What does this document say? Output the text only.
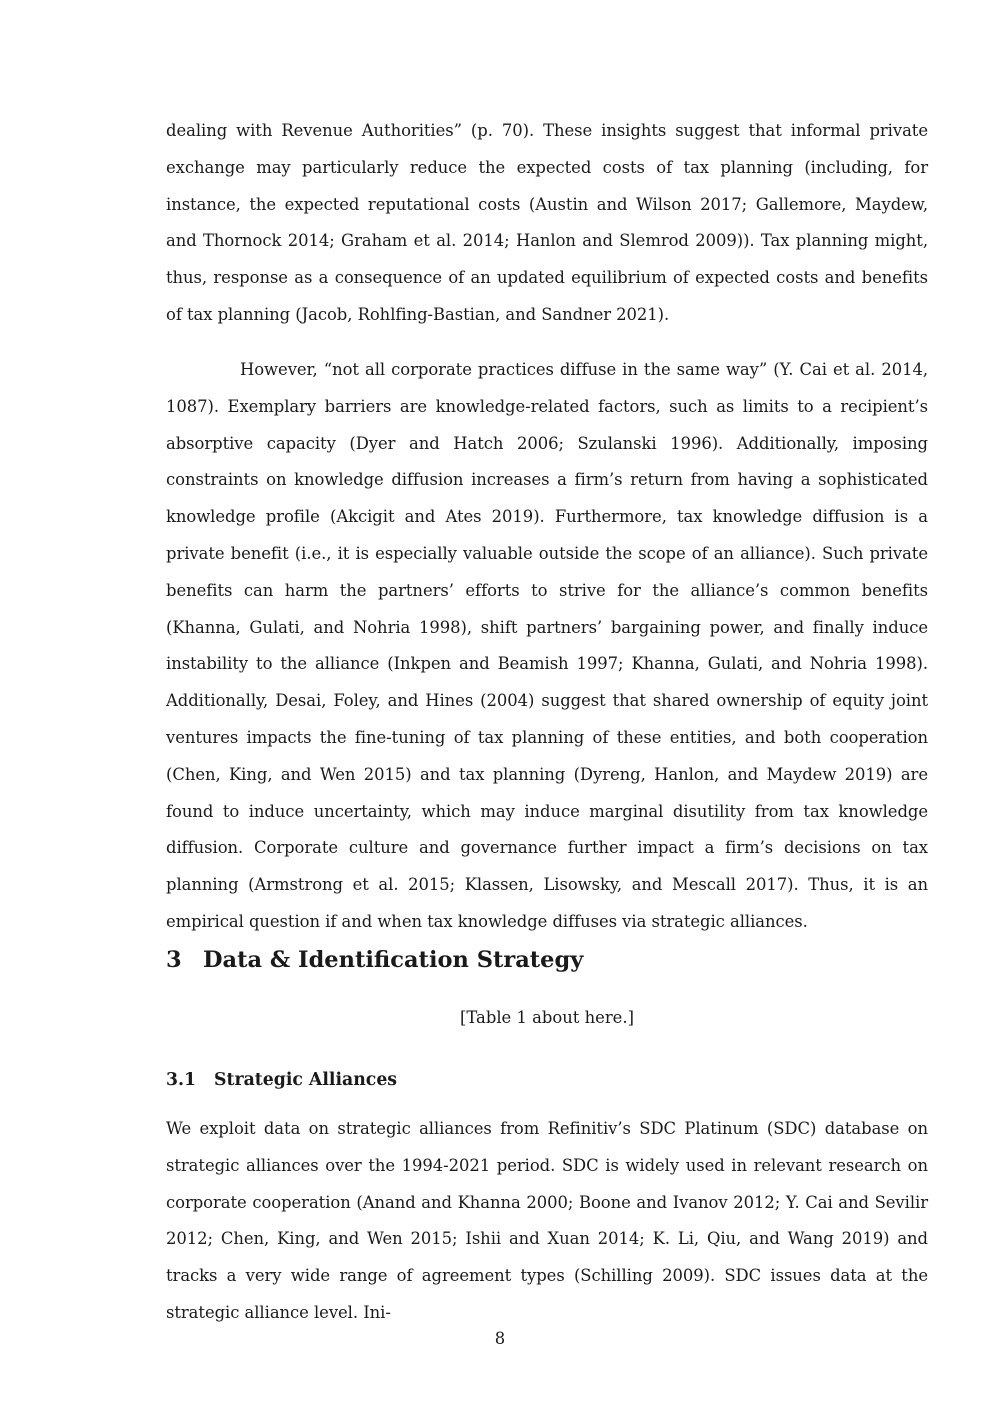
dealing with Revenue Authorities” (p. 70). These insights suggest that informal private exchange may particularly reduce the expected costs of tax planning (including, for instance, the expected reputational costs (Austin and Wilson 2017; Gallemore, Maydew, and Thornock 2014; Graham et al. 2014; Hanlon and Slemrod 2009)). Tax planning might, thus, response as a consequence of an updated equilibrium of expected costs and benefits of tax planning (Jacob, Rohlfing-Bastian, and Sandner 2021).

However, “not all corporate practices diffuse in the same way” (Y. Cai et al. 2014, 1087). Exemplary barriers are knowledge-related factors, such as limits to a recipient’s absorptive capacity (Dyer and Hatch 2006; Szulanski 1996). Additionally, imposing constraints on knowledge diffusion increases a firm’s return from having a sophisticated knowledge profile (Akcigit and Ates 2019). Furthermore, tax knowledge diffusion is a private benefit (i.e., it is especially valuable outside the scope of an alliance). Such private benefits can harm the partners’ efforts to strive for the alliance’s common benefits (Khanna, Gulati, and Nohria 1998), shift partners’ bargaining power, and finally induce instability to the alliance (Inkpen and Beamish 1997; Khanna, Gulati, and Nohria 1998). Additionally, Desai, Foley, and Hines (2004) suggest that shared ownership of equity joint ventures impacts the fine-tuning of tax planning of these entities, and both cooperation (Chen, King, and Wen 2015) and tax planning (Dyreng, Hanlon, and Maydew 2019) are found to induce uncertainty, which may induce marginal disutility from tax knowledge diffusion. Corporate culture and governance further impact a firm’s decisions on tax planning (Armstrong et al. 2015; Klassen, Lisowsky, and Mescall 2017). Thus, it is an empirical question if and when tax knowledge diffuses via strategic alliances.

3 Data & Identification Strategy

[Table 1 about here.]

3.1 Strategic Alliances

We exploit data on strategic alliances from Refinitiv’s SDC Platinum (SDC) database on strategic alliances over the 1994-2021 period. SDC is widely used in relevant research on corporate cooperation (Anand and Khanna 2000; Boone and Ivanov 2012; Y. Cai and Sevilir 2012; Chen, King, and Wen 2015; Ishii and Xuan 2014; K. Li, Qiu, and Wang 2019) and tracks a very wide range of agreement types (Schilling 2009). SDC issues data at the strategic alliance level. Ini-

8
